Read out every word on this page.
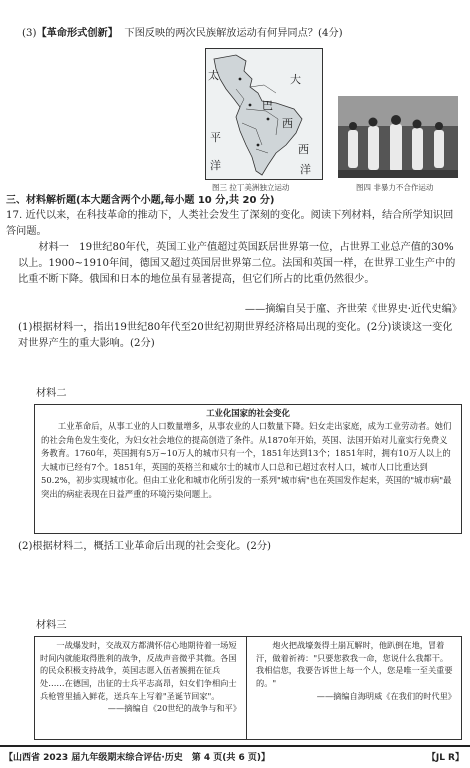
(3)【革命形式创新】 下图反映的两次民族解放运动有何异同点？(4分)
太	大
巴
西
平
西
洋	洋
图三 拉丁美洲独立运动	图四 非暴力不合作运动
三、材料解析题(本大题含两个小题,每小题 10 分,共 20 分)
17. 近代以来，在科技革命的推动下，人类社会发生了深刻的变化。阅读下列材料，结合所学知识回答问题。
材料一　19世纪80年代，英国工业产值超过英国跃居世界第一位，占世界工业总产值的30%以上。1900~1910年间，德国又超过英国居世界第二位。法国和英国一样，在世界工业生产中的比重不断下降。俄国和日本的地位虽有显著提高，但它们所占的比重仍然很少。
——摘编自吴于廑、齐世荣《世界史·近代史编》
(1)根据材料一，指出19世纪80年代至20世纪初期世界经济格局出现的变化。(2分)谈谈这一变化对世界产生的重大影响。(2分)
材料二
工业化国家的社会变化
工业革命后，从事工业的人口数量增多，从事农业的人口数量下降。妇女走出家庭，成为工业劳动者。她们的社会角色发生变化，为妇女社会地位的提高创造了条件。从1870年开始，英国、法国开始对儿童实行免费义务教育。1760年，英国拥有5万~10万人的城市只有一个，1851年达到13个；1851年时，拥有10万人以上的大城市已经有7个。1851年，英国的英格兰和威尔士的城市人口总和已超过农村人口，城市人口比重达到50.2%，初步实现城市化。但由工业化和城市化所引发的一系列"城市病"也在英国发作起来，英国的"城市病"最突出的病症表现在日益严重的环境污染问题上。
(2)根据材料二，概括工业革命后出现的社会变化。(2分)
材料三
一战爆发时，交战双方都满怀信心地期待着一场短时间内就能取得胜利的战争，反战声音微乎其微。各国的民众积极支持战争，英国志愿入伍者簇拥在征兵处……在德国，出征的士兵平志高昂，妇女们争相向士兵枪管里插入鲜花，送兵车上写着"圣诞节回家"。
——摘编自《20世纪的战争与和平》
炮火把战壕轰得土崩瓦解时，他趴倒在地，冒着汗，做着祈祷："只要您救我一命，您说什么我都干。我相信您，我要告诉世上每一个人，您是唯一至关重要的。"
——摘编自海明威《在我们的时代里》
【山西省 2023 届九年级期末综合评估·历史　第 4 页(共 6 页)】	【JL R】
